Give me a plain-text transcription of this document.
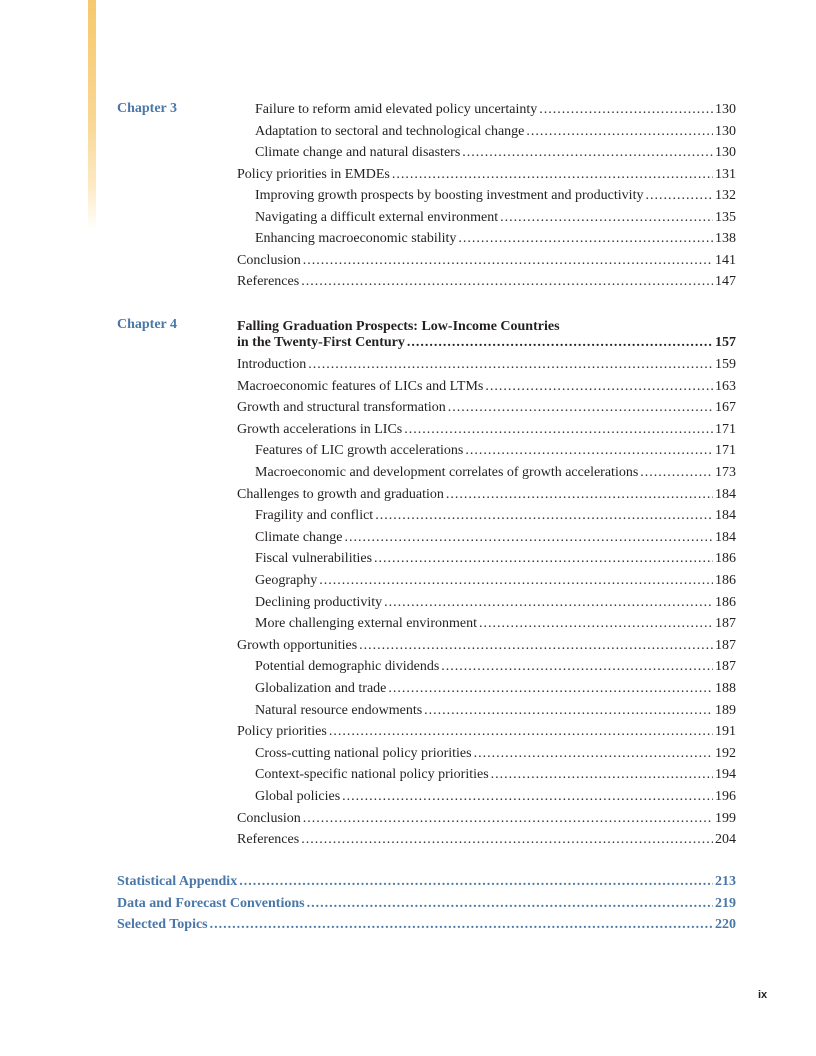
Chapter 3	Failure to reform amid elevated policy uncertainty .....	130
Adaptation to sectoral and technological change .....	130
Climate change and natural disasters .....	130
Policy priorities in EMDEs .....	131
Improving growth prospects by boosting investment and productivity .....	132
Navigating a difficult external environment .....	135
Enhancing macroeconomic stability .....	138
Conclusion .....	141
References .....	147
Chapter 4	Falling Graduation Prospects: Low-Income Countries
in the Twenty-First Century .....	157
Introduction .....	159
Macroeconomic features of LICs and LTMs .....	163
Growth and structural transformation .....	167
Growth accelerations in LICs .....	171
Features of LIC growth accelerations .....	171
Macroeconomic and development correlates of growth accelerations .....	173
Challenges to growth and graduation .....	184
Fragility and conflict .....	184
Climate change .....	184
Fiscal vulnerabilities .....	186
Geography .....	186
Declining productivity .....	186
More challenging external environment .....	187
Growth opportunities .....	187
Potential demographic dividends .....	187
Globalization and trade .....	188
Natural resource endowments .....	189
Policy priorities .....	191
Cross-cutting national policy priorities .....	192
Context-specific national policy priorities .....	194
Global policies .....	196
Conclusion .....	199
References .....	204
Statistical Appendix .....	213
Data and Forecast Conventions .....	219
Selected Topics .....	220
ix
